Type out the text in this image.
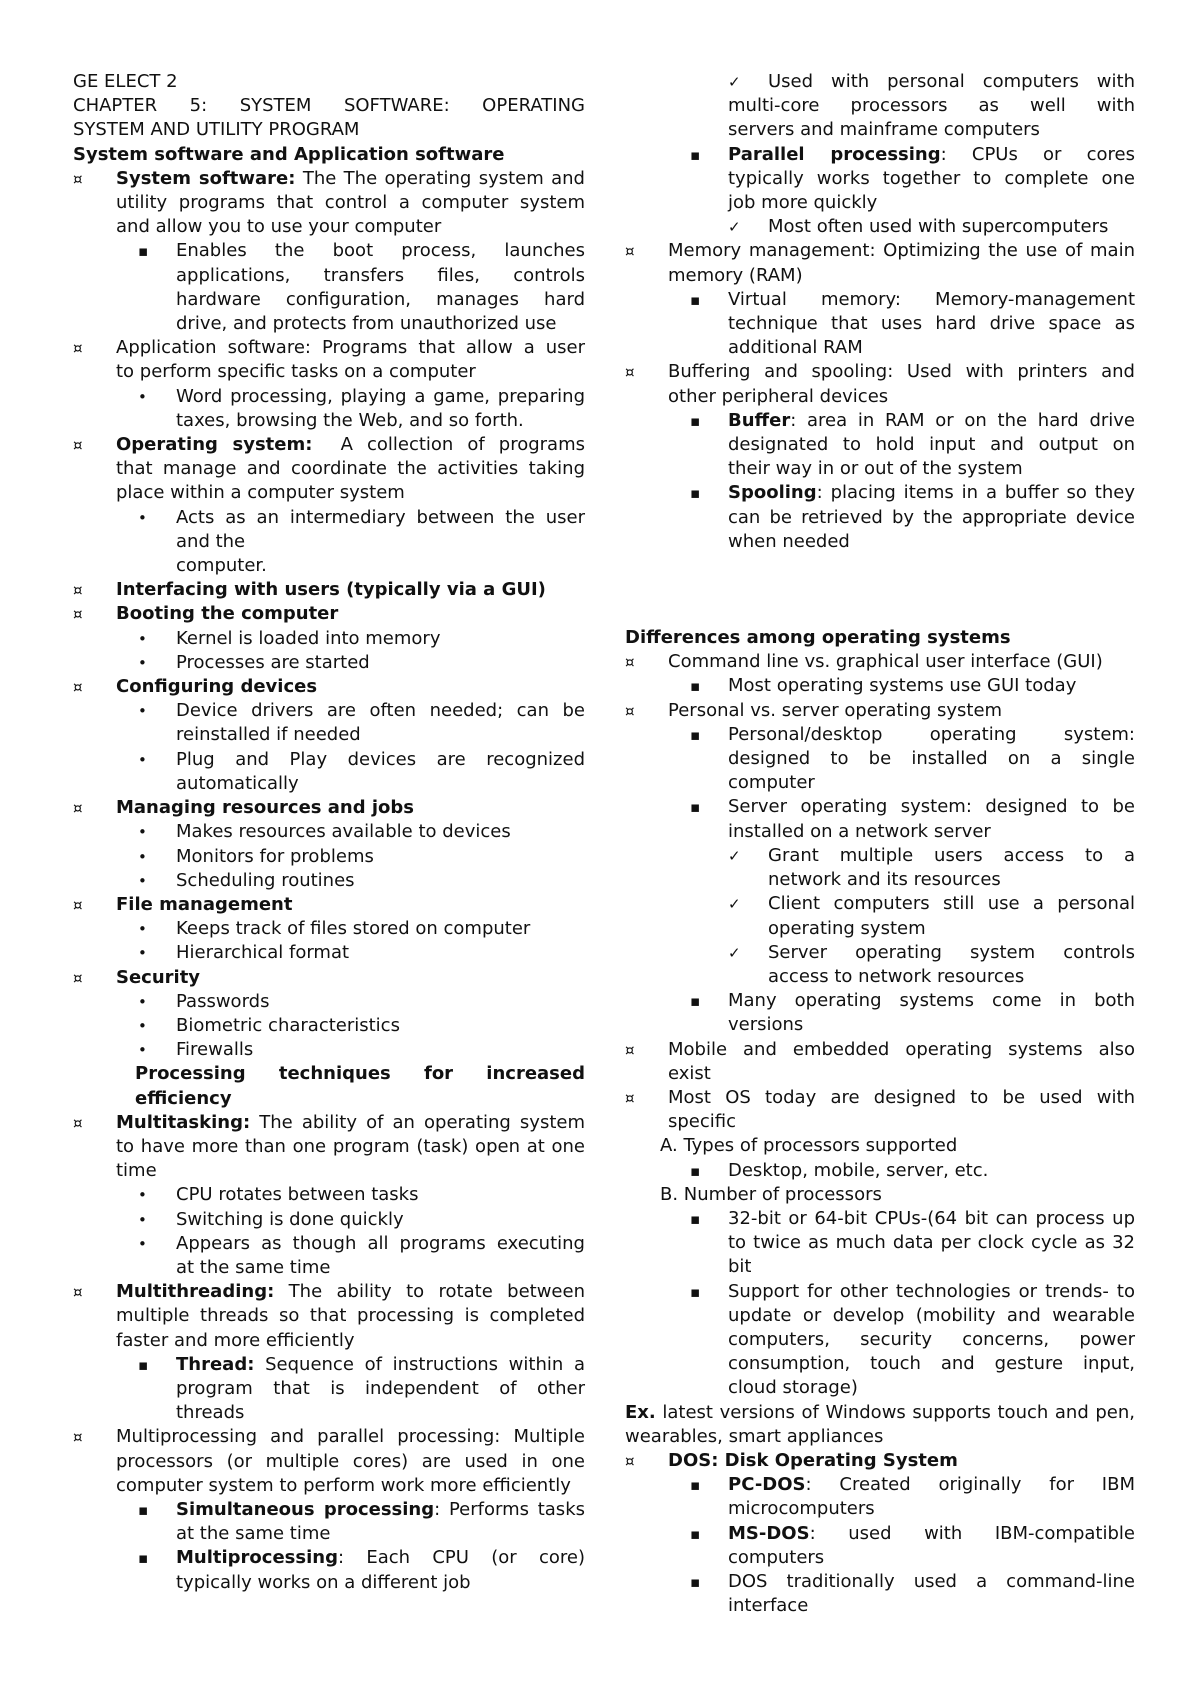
GE ELECT 2
CHAPTER 5: SYSTEM SOFTWARE: OPERATING
SYSTEM AND UTILITY PROGRAM
System software and Application software
¤ System software: The The operating system and
utility programs that control a computer system
and allow you to use your computer
▪ Enables the boot process, launches
applications, transfers files, controls
hardware configuration, manages hard
drive, and protects from unauthorized use
¤ Application software: Programs that allow a user
to perform specific tasks on a computer
• Word processing, playing a game, preparing
taxes, browsing the Web, and so forth.
¤ Operating system: A collection of programs
that manage and coordinate the activities taking
place within a computer system
• Acts as an intermediary between the user
and the
computer.
¤ Interfacing with users (typically via a GUI)
¤ Booting the computer
• Kernel is loaded into memory
• Processes are started
¤ Configuring devices
• Device drivers are often needed; can be
reinstalled if needed
• Plug and Play devices are recognized
automatically
¤ Managing resources and jobs
• Makes resources available to devices
• Monitors for problems
• Scheduling routines
¤ File management
• Keeps track of files stored on computer
• Hierarchical format
¤ Security
• Passwords
• Biometric characteristics
• Firewalls
Processing techniques for increased
efficiency
¤ Multitasking: The ability of an operating system
to have more than one program (task) open at one
time
• CPU rotates between tasks
• Switching is done quickly
• Appears as though all programs executing
at the same time
¤ Multithreading: The ability to rotate between
multiple threads so that processing is completed
faster and more efficiently
▪ Thread: Sequence of instructions within a
program that is independent of other
threads
¤ Multiprocessing and parallel processing: Multiple
processors (or multiple cores) are used in one
computer system to perform work more efficiently
▪ Simultaneous processing: Performs tasks
at the same time
▪ Multiprocessing: Each CPU (or core)
typically works on a different job
✓ Used with personal computers with
multi-core processors as well with
servers and mainframe computers
▪ Parallel processing: CPUs or cores
typically works together to complete one
job more quickly
✓ Most often used with supercomputers
¤ Memory management: Optimizing the use of main
memory (RAM)
▪ Virtual memory: Memory-management
technique that uses hard drive space as
additional RAM
¤ Buffering and spooling: Used with printers and
other peripheral devices
▪ Buffer: area in RAM or on the hard drive
designated to hold input and output on
their way in or out of the system
▪ Spooling: placing items in a buffer so they
can be retrieved by the appropriate device
when needed
Differences among operating systems
¤ Command line vs. graphical user interface (GUI)
▪ Most operating systems use GUI today
¤ Personal vs. server operating system
▪ Personal/desktop operating system:
designed to be installed on a single
computer
▪ Server operating system: designed to be
installed on a network server
✓ Grant multiple users access to a
network and its resources
✓ Client computers still use a personal
operating system
✓ Server operating system controls
access to network resources
▪ Many operating systems come in both
versions
¤ Mobile and embedded operating systems also
exist
¤ Most OS today are designed to be used with
specific
A. Types of processors supported
▪ Desktop, mobile, server, etc.
B. Number of processors
▪ 32-bit or 64-bit CPUs-(64 bit can process up
to twice as much data per clock cycle as 32
bit
▪ Support for other technologies or trends- to
update or develop (mobility and wearable
computers, security concerns, power
consumption, touch and gesture input,
cloud storage)
Ex. latest versions of Windows supports touch and pen,
wearables, smart appliances
¤ DOS: Disk Operating System
▪ PC-DOS: Created originally for IBM
microcomputers
▪ MS-DOS: used with IBM-compatible
computers
▪ DOS traditionally used a command-line
interface
